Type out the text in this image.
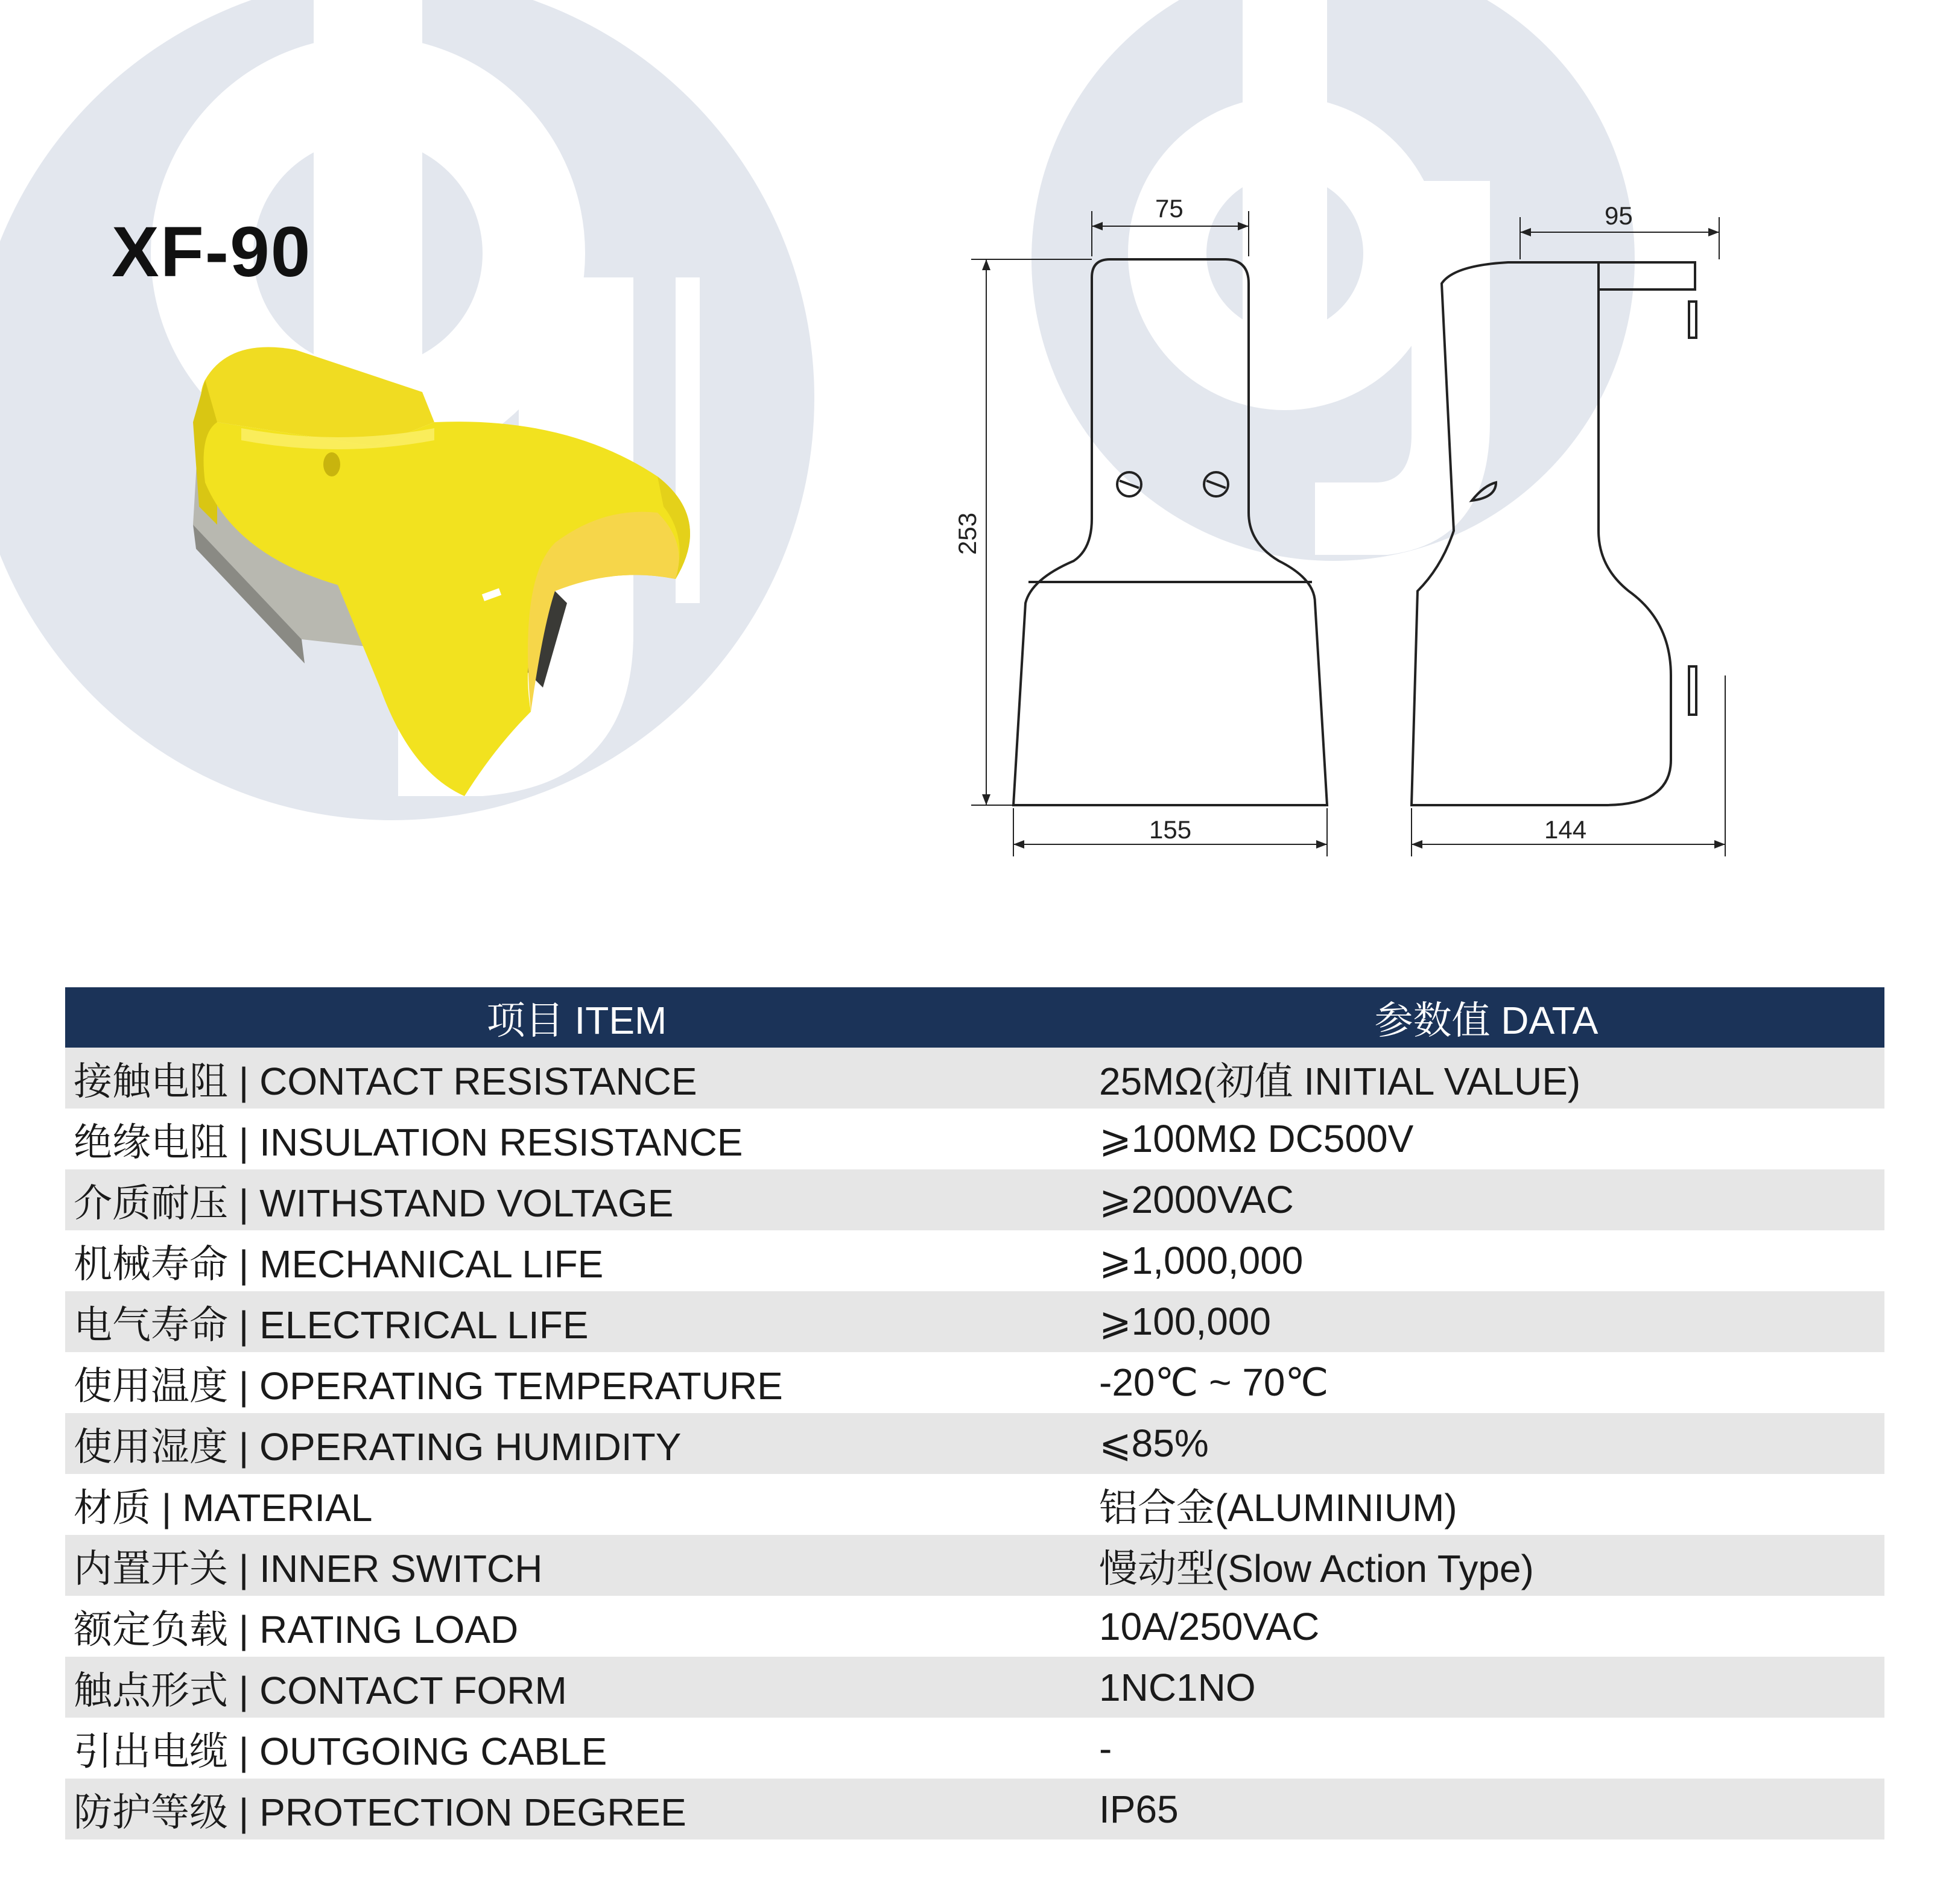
XF-90
75	95
253
155	144
项目 ITEM	参数值 DATA
接触电阻 | CONTACT RESISTANCE	25MΩ(初值 INITIAL VALUE)
绝缘电阻 | INSULATION RESISTANCE	⩾100MΩ DC500V
介质耐压 | WITHSTAND VOLTAGE	⩾2000VAC
机械寿命 | MECHANICAL LIFE	⩾1,000,000
电气寿命 | ELECTRICAL LIFE	⩾100,000
使用温度 | OPERATING TEMPERATURE	-20℃ ~ 70℃
使用湿度 | OPERATING HUMIDITY	⩽85%
材质 | MATERIAL	铝合金(ALUMINIUM)
内置开关 | INNER SWITCH	慢动型(Slow Action Type)
额定负载 | RATING LOAD	10A/250VAC
触点形式 | CONTACT FORM	1NC1NO
引出电缆 | OUTGOING CABLE	-
防护等级 | PROTECTION DEGREE	IP65
